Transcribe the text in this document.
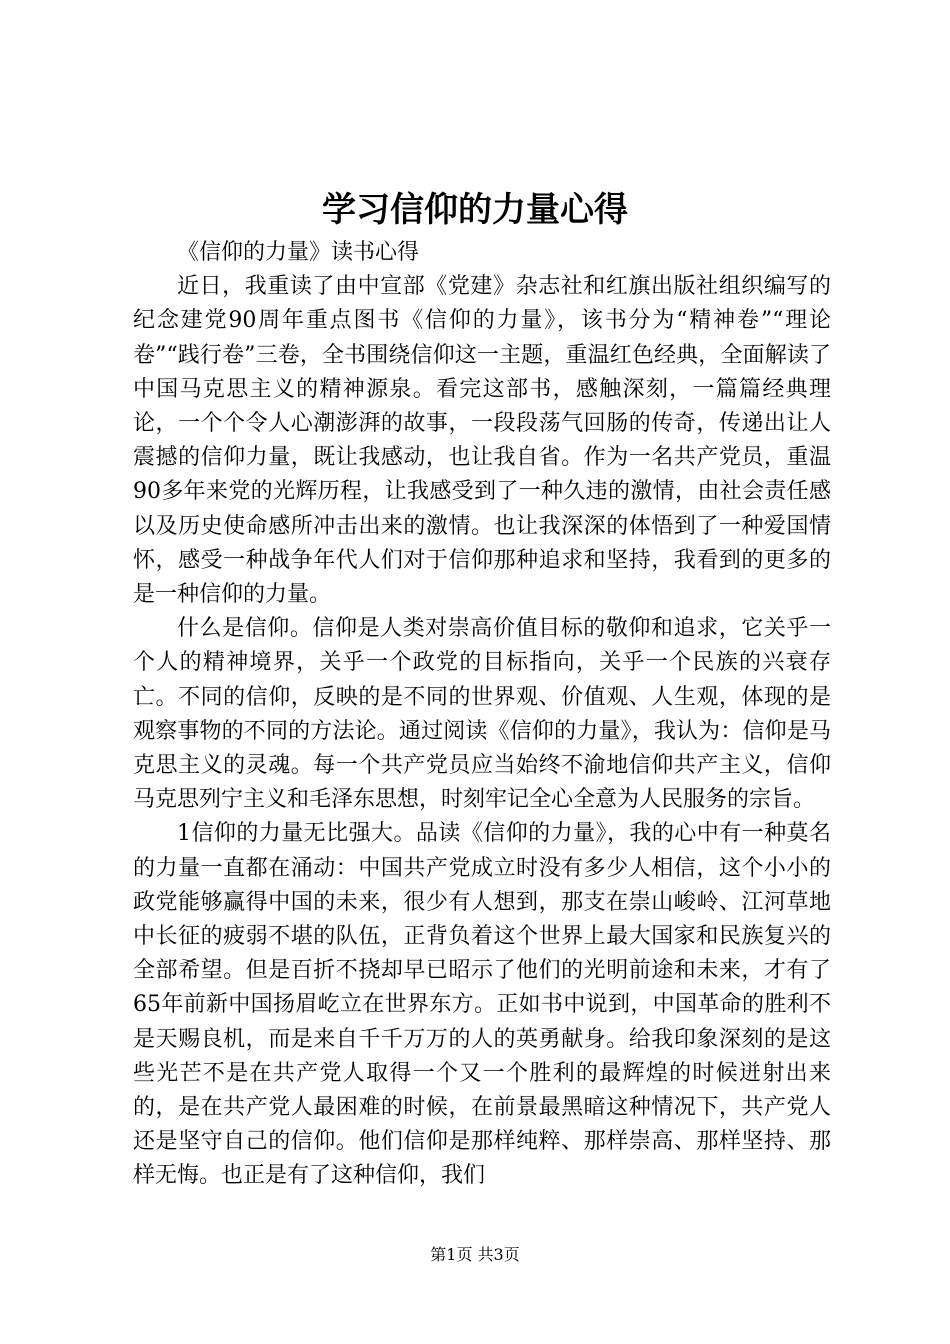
学习信仰的力量心得

《信仰的力量》读书心得

近日，我重读了由中宣部《党建》杂志社和红旗出版社组织编写的纪念建党90周年重点图书《信仰的力量》，该书分为“精神卷”“理论卷”“践行卷”三卷，全书围绕信仰这一主题，重温红色经典，全面解读了中国马克思主义的精神源泉。看完这部书，感触深刻，一篇篇经典理论，一个个令人心潮澎湃的故事，一段段荡气回肠的传奇，传递出让人震撼的信仰力量，既让我感动，也让我自省。作为一名共产党员，重温90多年来党的光辉历程，让我感受到了一种久违的激情，由社会责任感以及历史使命感所冲击出来的激情。也让我深深的体悟到了一种爱国情怀，感受一种战争年代人们对于信仰那种追求和坚持，我看到的更多的是一种信仰的力量。

什么是信仰。信仰是人类对崇高价值目标的敬仰和追求，它关乎一个人的精神境界，关乎一个政党的目标指向，关乎一个民族的兴衰存亡。不同的信仰，反映的是不同的世界观、价值观、人生观，体现的是观察事物的不同的方法论。通过阅读《信仰的力量》，我认为：信仰是马克思主义的灵魂。每一个共产党员应当始终不渝地信仰共产主义，信仰马克思列宁主义和毛泽东思想，时刻牢记全心全意为人民服务的宗旨。

1信仰的力量无比强大。品读《信仰的力量》，我的心中有一种莫名的力量一直都在涌动：中国共产党成立时没有多少人相信，这个小小的政党能够赢得中国的未来，很少有人想到，那支在崇山峻岭、江河草地中长征的疲弱不堪的队伍，正背负着这个世界上最大国家和民族复兴的全部希望。但是百折不挠却早已昭示了他们的光明前途和未来，才有了65年前新中国扬眉屹立在世界东方。正如书中说到，中国革命的胜利不是天赐良机，而是来自千千万万的人的英勇献身。给我印象深刻的是这些光芒不是在共产党人取得一个又一个胜利的最辉煌的时候迸射出来的，是在共产党人最困难的时候，在前景最黑暗这种情况下，共产党人还是坚守自己的信仰。他们信仰是那样纯粹、那样崇高、那样坚持、那样无悔。也正是有了这种信仰，我们

第1页 共3页
